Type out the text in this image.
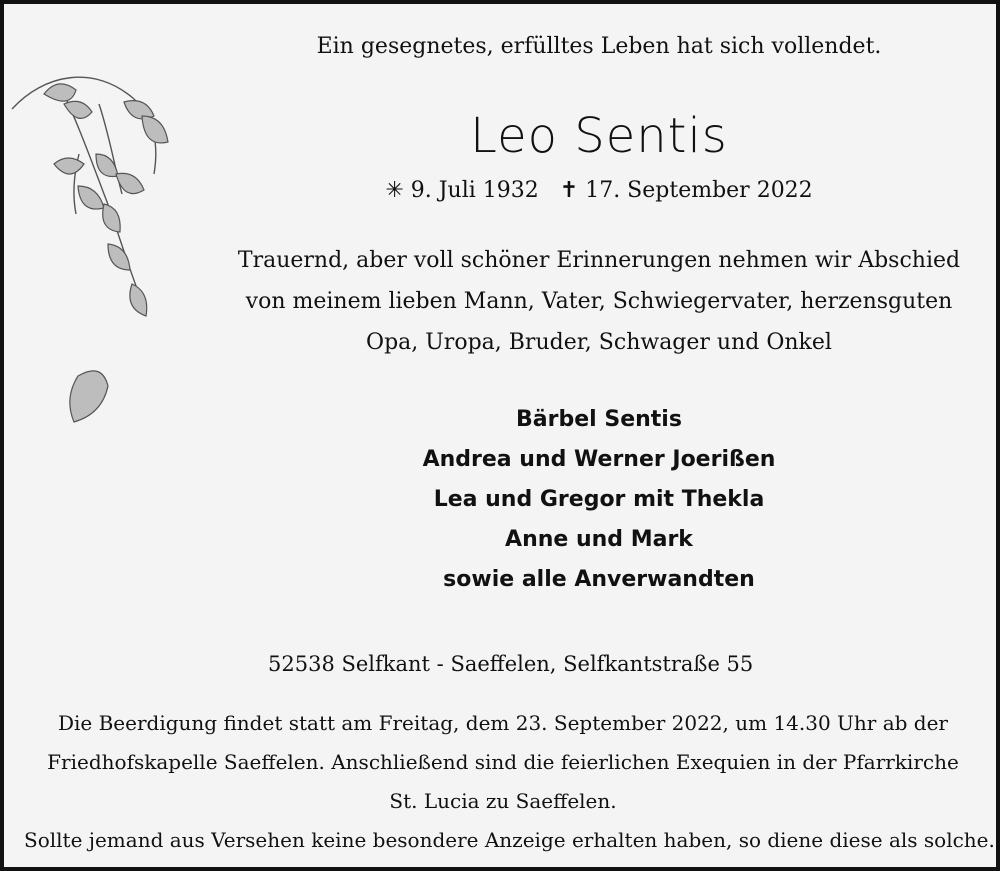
Ein gesegnetes, erfülltes Leben hat sich vollendet.
Leo Sentis
✳ 9. Juli 1932 ✝ 17. September 2022
Trauernd, aber voll schöner Erinnerungen nehmen wir Abschied
von meinem lieben Mann, Vater, Schwiegervater, herzensguten
Opa, Uropa, Bruder, Schwager und Onkel
Bärbel Sentis
Andrea und Werner Joerißen
Lea und Gregor mit Thekla
Anne und Mark
sowie alle Anverwandten
52538 Selfkant - Saeffelen, Selfkantstraße 55
Die Beerdigung findet statt am Freitag, dem 23. September 2022, um 14.30 Uhr ab der
Friedhofskapelle Saeffelen. Anschließend sind die feierlichen Exequien in der Pfarrkirche
St. Lucia zu Saeffelen.
Sollte jemand aus Versehen keine besondere Anzeige erhalten haben, so diene diese als solche.
